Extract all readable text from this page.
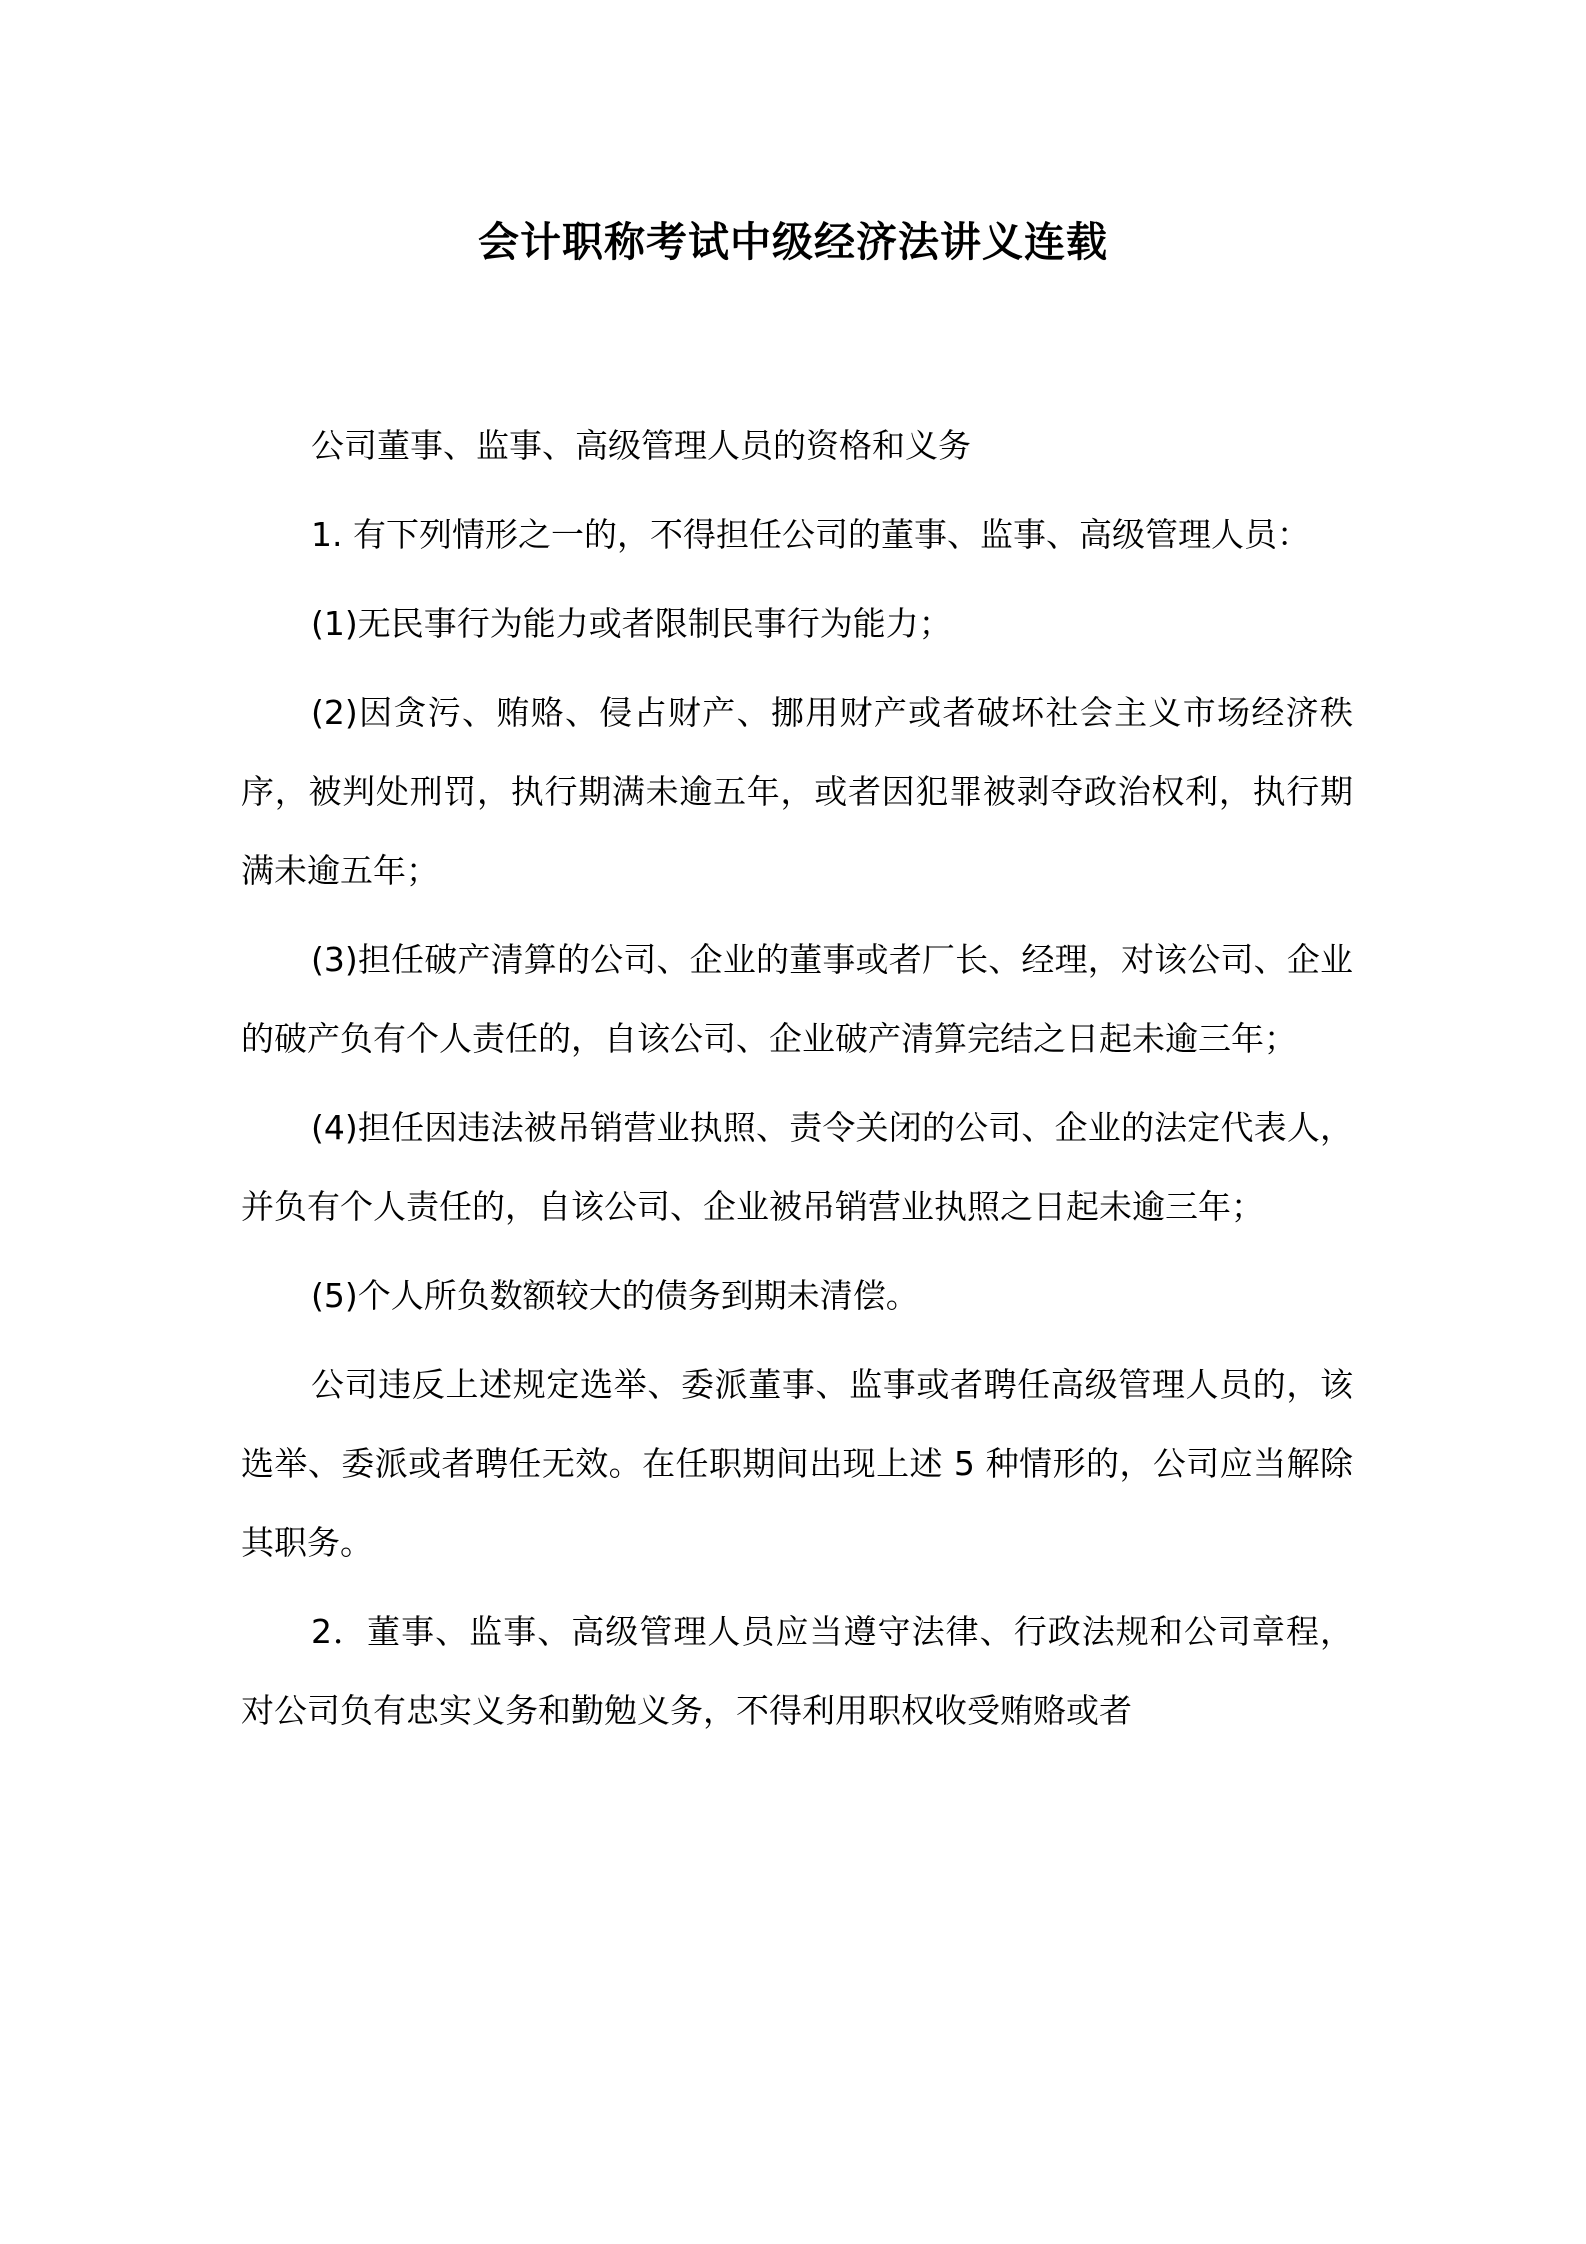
会计职称考试中级经济法讲义连载

公司董事、监事、高级管理人员的资格和义务

1. 有下列情形之一的，不得担任公司的董事、监事、高级管理人员：

(1)无民事行为能力或者限制民事行为能力；

(2)因贪污、贿赂、侵占财产、挪用财产或者破坏社会主义市场经济秩序，被判处刑罚，执行期满未逾五年，或者因犯罪被剥夺政治权利，执行期满未逾五年；

(3)担任破产清算的公司、企业的董事或者厂长、经理，对该公司、企业的破产负有个人责任的，自该公司、企业破产清算完结之日起未逾三年；

(4)担任因违法被吊销营业执照、责令关闭的公司、企业的法定代表人，并负有个人责任的，自该公司、企业被吊销营业执照之日起未逾三年；

(5)个人所负数额较大的债务到期未清偿。

公司违反上述规定选举、委派董事、监事或者聘任高级管理人员的，该选举、委派或者聘任无效。在任职期间出现上述 5 种情形的，公司应当解除其职务。

2．董事、监事、高级管理人员应当遵守法律、行政法规和公司章程，对公司负有忠实义务和勤勉义务，不得利用职权收受贿赂或者
